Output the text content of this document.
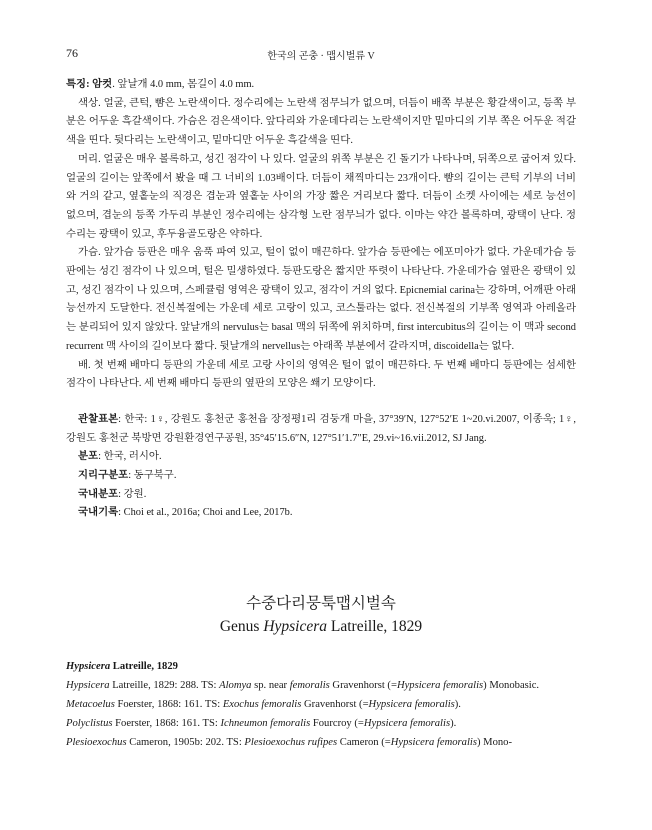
76	한국의 곤충 · 맵시벌류 V

특징: 암컷. 앞날개 4.0 mm, 몸길이 4.0 mm.

색상. 얼굴, 큰턱, 뺨은 노란색이다. 정수리에는 노란색 점무늬가 없으며, 더듬이 배쪽 부분은 황갈색이고, 등쪽 부분은 어두운 흑갈색이다. 가슴은 검은색이다. 앞다리와 가운데다리는 노란색이지만 밑마디의 기부 쪽은 어두운 적갈색을 띤다. 뒷다리는 노란색이고, 밑마디만 어두운 흑갈색을 띤다.

머리. 얼굴은 매우 볼록하고, 성긴 점각이 나 있다. 얼굴의 위쪽 부분은 긴 돌기가 나타나며, 뒤쪽으로 굽어져 있다. 얼굴의 길이는 앞쪽에서 봤을 때 그 너비의 1.03배이다. 더듬이 채찍마디는 23개이다. 뺨의 길이는 큰턱 기부의 너비와 거의 같고, 옆홑눈의 직경은 겹눈과 옆홑눈 사이의 가장 짧은 거리보다 짧다. 더듬이 소켓 사이에는 세로 능선이 없으며, 겹눈의 등쪽 가두리 부분인 정수리에는 삼각형 노란 점무늬가 없다. 이마는 약간 볼록하며, 광택이 난다. 정수리는 광택이 있고, 후두융골도랑은 약하다.

가슴. 앞가슴 등판은 매우 움푹 파여 있고, 털이 없이 매끈하다. 앞가슴 등판에는 에포미아가 없다. 가운데가슴 등판에는 성긴 점각이 나 있으며, 털은 밀생하였다. 등판도랑은 짧지만 뚜렷이 나타난다. 가운데가슴 옆판은 광택이 있고, 성긴 점각이 나 있으며, 스페큘럼 영역은 광택이 있고, 점각이 거의 없다. Epicnemial carina는 강하며, 어깨판 아래 능선까지 도달한다. 전신복절에는 가운데 세로 고랑이 있고, 코스툴라는 없다. 전신복절의 기부쪽 영역과 아레올라는 분리되어 있지 않았다. 앞날개의 nervulus는 basal 맥의 뒤쪽에 위치하며, first intercubitus의 길이는 이 맥과 second recurrent 맥 사이의 길이보다 짧다. 뒷날개의 nervellus는 아래쪽 부분에서 갈라지며, discoidella는 없다.

배. 첫 번째 배마디 등판의 가운데 세로 고랑 사이의 영역은 털이 없이 매끈하다. 두 번째 배마디 등판에는 섬세한 점각이 나타난다. 세 번째 배마디 등판의 옆판의 모양은 쐐기 모양이다.

관찰표본: 한국: 1♀, 강원도 홍천군 홍천읍 장정평1리 검둥개 마을, 37°39′N, 127°52′E 1~20.vi.2007, 이종욱; 1♀, 강원도 홍천군 북방면 강원환경연구공원, 35°45′15.6″N, 127°51′1.7″E, 29.vi~16.vii.2012, SJ Jang.

분포: 한국, 러시아.

지리구분포: 동구북구.

국내분포: 강원.

국내기록: Choi et al., 2016a; Choi and Lee, 2017b.

수중다리뭉툭맵시벌속
Genus Hypsicera Latreille, 1829

Hypsicera Latreille, 1829

Hypsicera Latreille, 1829: 288. TS: Alomya sp. near femoralis Gravenhorst (=Hypsicera femoralis) Monobasic.

Metacoelus Foerster, 1868: 161. TS: Exochus femoralis Gravenhorst (=Hypsicera femoralis).

Polyclistus Foerster, 1868: 161. TS: Ichneumon femoralis Fourcroy (=Hypsicera femoralis).

Plesioexochus Cameron, 1905b: 202. TS: Plesioexochus rufipes Cameron (=Hypsicera femoralis) Mono-
